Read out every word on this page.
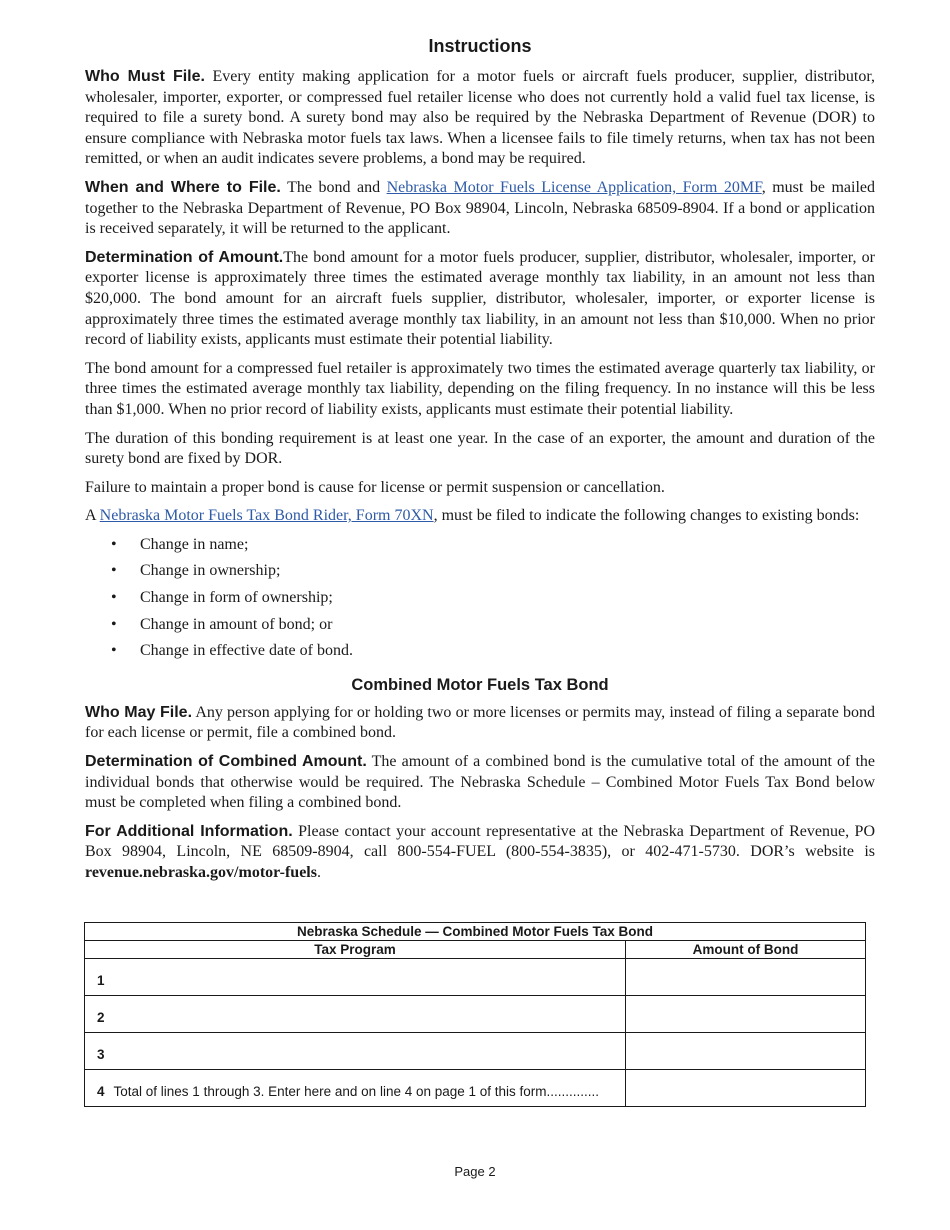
Instructions

Who Must File. Every entity making application for a motor fuels or aircraft fuels producer, supplier, distributor, wholesaler, importer, exporter, or compressed fuel retailer license who does not currently hold a valid fuel tax license, is required to file a surety bond. A surety bond may also be required by the Nebraska Department of Revenue (DOR) to ensure compliance with Nebraska motor fuels tax laws. When a licensee fails to file timely returns, when tax has not been remitted, or when an audit indicates severe problems, a bond may be required.

When and Where to File. The bond and Nebraska Motor Fuels License Application, Form 20MF, must be mailed together to the Nebraska Department of Revenue, PO Box 98904, Lincoln, Nebraska 68509-8904. If a bond or application is received separately, it will be returned to the applicant.

Determination of Amount.The bond amount for a motor fuels producer, supplier, distributor, wholesaler, importer, or exporter license is approximately three times the estimated average monthly tax liability, in an amount not less than $20,000. The bond amount for an aircraft fuels supplier, distributor, wholesaler, importer, or exporter license is approximately three times the estimated average monthly tax liability, in an amount not less than $10,000. When no prior record of liability exists, applicants must estimate their potential liability.

The bond amount for a compressed fuel retailer is approximately two times the estimated average quarterly tax liability, or three times the estimated average monthly tax liability, depending on the filing frequency. In no instance will this be less than $1,000. When no prior record of liability exists, applicants must estimate their potential liability.

The duration of this bonding requirement is at least one year. In the case of an exporter, the amount and duration of the surety bond are fixed by DOR.

Failure to maintain a proper bond is cause for license or permit suspension or cancellation.

A Nebraska Motor Fuels Tax Bond Rider, Form 70XN, must be filed to indicate the following changes to existing bonds:

• Change in name;
• Change in ownership;
• Change in form of ownership;
• Change in amount of bond; or
• Change in effective date of bond.
Combined Motor Fuels Tax Bond

Who May File. Any person applying for or holding two or more licenses or permits may, instead of filing a separate bond for each license or permit, file a combined bond.

Determination of Combined Amount. The amount of a combined bond is the cumulative total of the amount of the individual bonds that otherwise would be required. The Nebraska Schedule – Combined Motor Fuels Tax Bond below must be completed when filing a combined bond.

For Additional Information. Please contact your account representative at the Nebraska Department of Revenue, PO Box 98904, Lincoln, NE 68509-8904, call 800-554-FUEL (800-554-3835), or 402-471-5730. DOR’s website is revenue.nebraska.gov/motor-fuels.

Nebraska Schedule — Combined Motor Fuels Tax Bond	
Tax Program	Amount of Bond
1	
2	
3	
4 Total of lines 1 through 3. Enter here and on line 4 on page 1 of this form..............	
Page 2
